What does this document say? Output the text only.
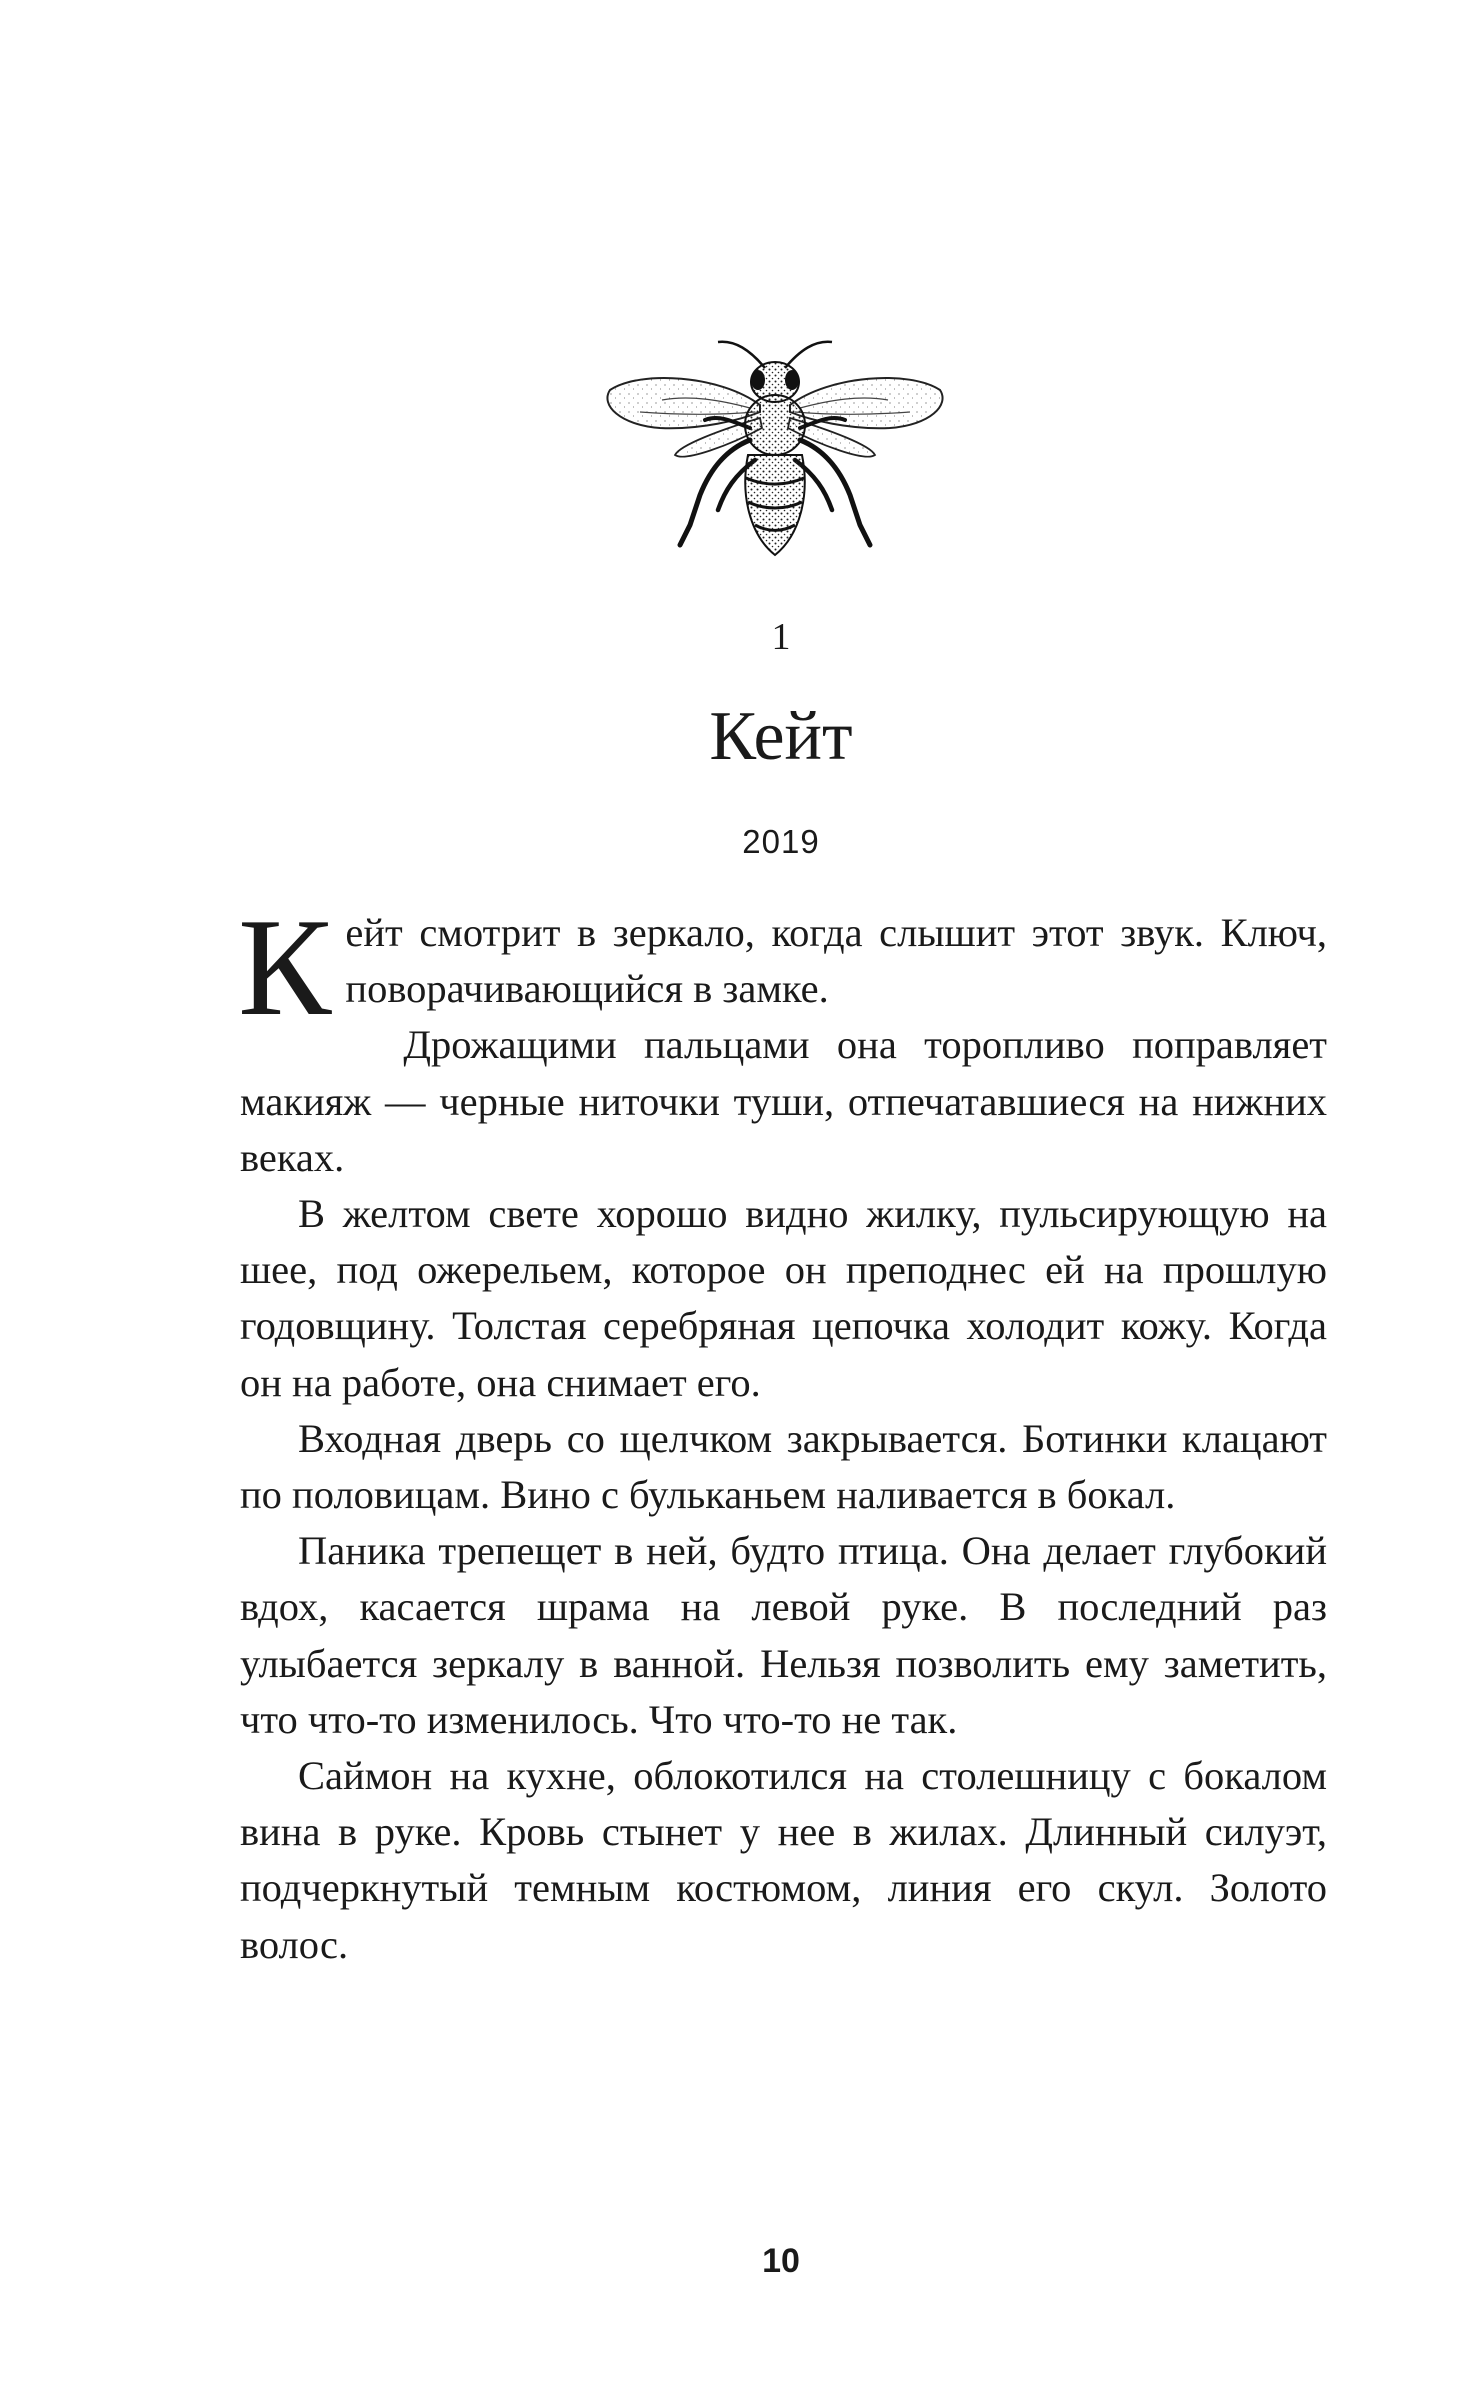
1
Кейт
2019

Кейт смотрит в зеркало, когда слышит этот звук. Ключ, поворачивающийся в замке.

Дрожащими пальцами она торопливо поправляет макияж — черные ниточки туши, отпечатавшиеся на нижних веках.

В желтом свете хорошо видно жилку, пульсирующую на шее, под ожерельем, которое он преподнес ей на прошлую годовщину. Толстая серебряная цепочка холодит кожу. Когда он на работе, она снимает его.

Входная дверь со щелчком закрывается. Ботинки клацают по половицам. Вино с бульканьем наливается в бокал.

Паника трепещет в ней, будто птица. Она делает глубокий вдох, касается шрама на левой руке. В последний раз улыбается зеркалу в ванной. Нельзя позволить ему заметить, что что-то изменилось. Что что-то не так.

Саймон на кухне, облокотился на столешницу с бокалом вина в руке. Кровь стынет у нее в жилах. Длинный силуэт, подчеркнутый темным костюмом, линия его скул. Золото волос.

10
